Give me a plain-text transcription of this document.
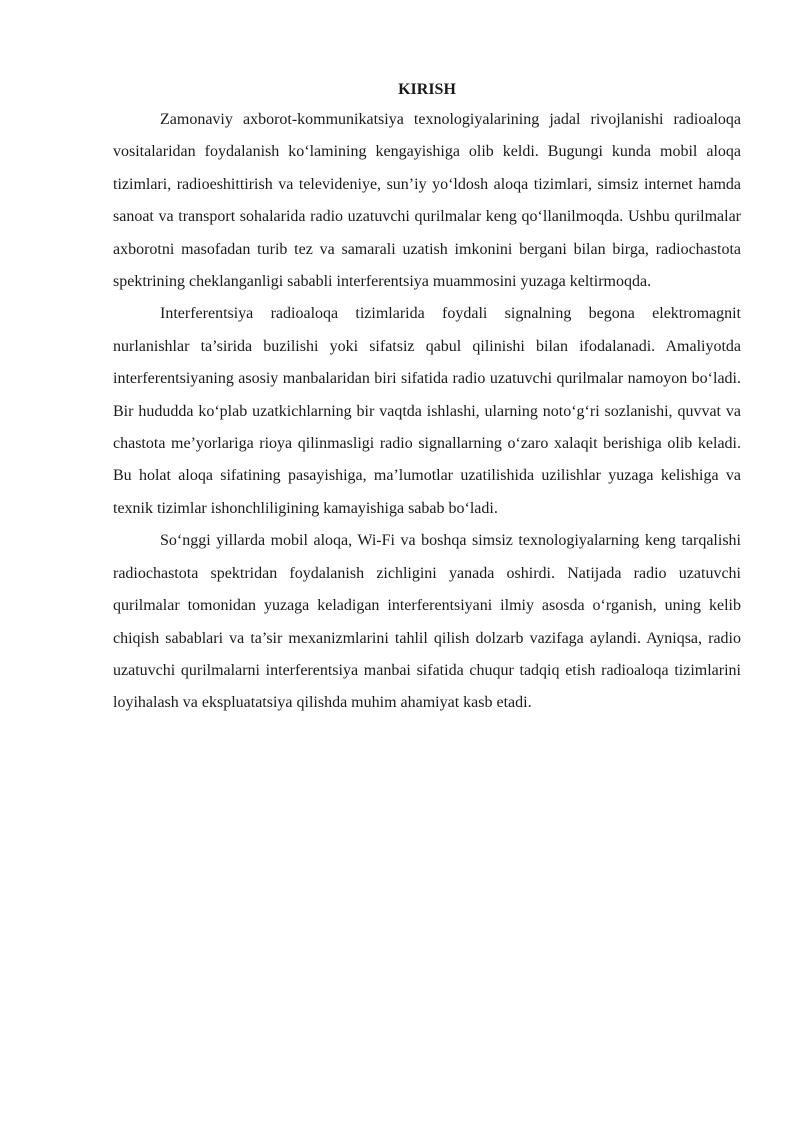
KIRISH

Zamonaviy axborot-kommunikatsiya texnologiyalarining jadal rivojlanishi radioaloqa vositalaridan foydalanish ko‘lamining kengayishiga olib keldi. Bugungi kunda mobil aloqa tizimlari, radioeshittirish va televideniye, sun’iy yo‘ldosh aloqa tizimlari, simsiz internet hamda sanoat va transport sohalarida radio uzatuvchi qurilmalar keng qo‘llanilmoqda. Ushbu qurilmalar axborotni masofadan turib tez va samarali uzatish imkonini bergani bilan birga, radiochastota spektrining cheklanganligi sababli interferentsiya muammosini yuzaga keltirmoqda.

Interferentsiya radioaloqa tizimlarida foydali signalning begona elektromagnit nurlanishlar ta’sirida buzilishi yoki sifatsiz qabul qilinishi bilan ifodalanadi. Amaliyotda interferentsiyaning asosiy manbalaridan biri sifatida radio uzatuvchi qurilmalar namoyon bo‘ladi. Bir hududda ko‘plab uzatkichlarning bir vaqtda ishlashi, ularning noto‘g‘ri sozlanishi, quvvat va chastota me’yorlariga rioya qilinmasligi radio signallarning o‘zaro xalaqit berishiga olib keladi. Bu holat aloqa sifatining pasayishiga, ma’lumotlar uzatilishida uzilishlar yuzaga kelishiga va texnik tizimlar ishonchliligining kamayishiga sabab bo‘ladi.

So‘nggi yillarda mobil aloqa, Wi-Fi va boshqa simsiz texnologiyalarning keng tarqalishi radiochastota spektridan foydalanish zichligini yanada oshirdi. Natijada radio uzatuvchi qurilmalar tomonidan yuzaga keladigan interferentsiyani ilmiy asosda o‘rganish, uning kelib chiqish sabablari va ta’sir mexanizmlarini tahlil qilish dolzarb vazifaga aylandi. Ayniqsa, radio uzatuvchi qurilmalarni interferentsiya manbai sifatida chuqur tadqiq etish radioaloqa tizimlarini loyihalash va ekspluatatsiya qilishda muhim ahamiyat kasb etadi.
